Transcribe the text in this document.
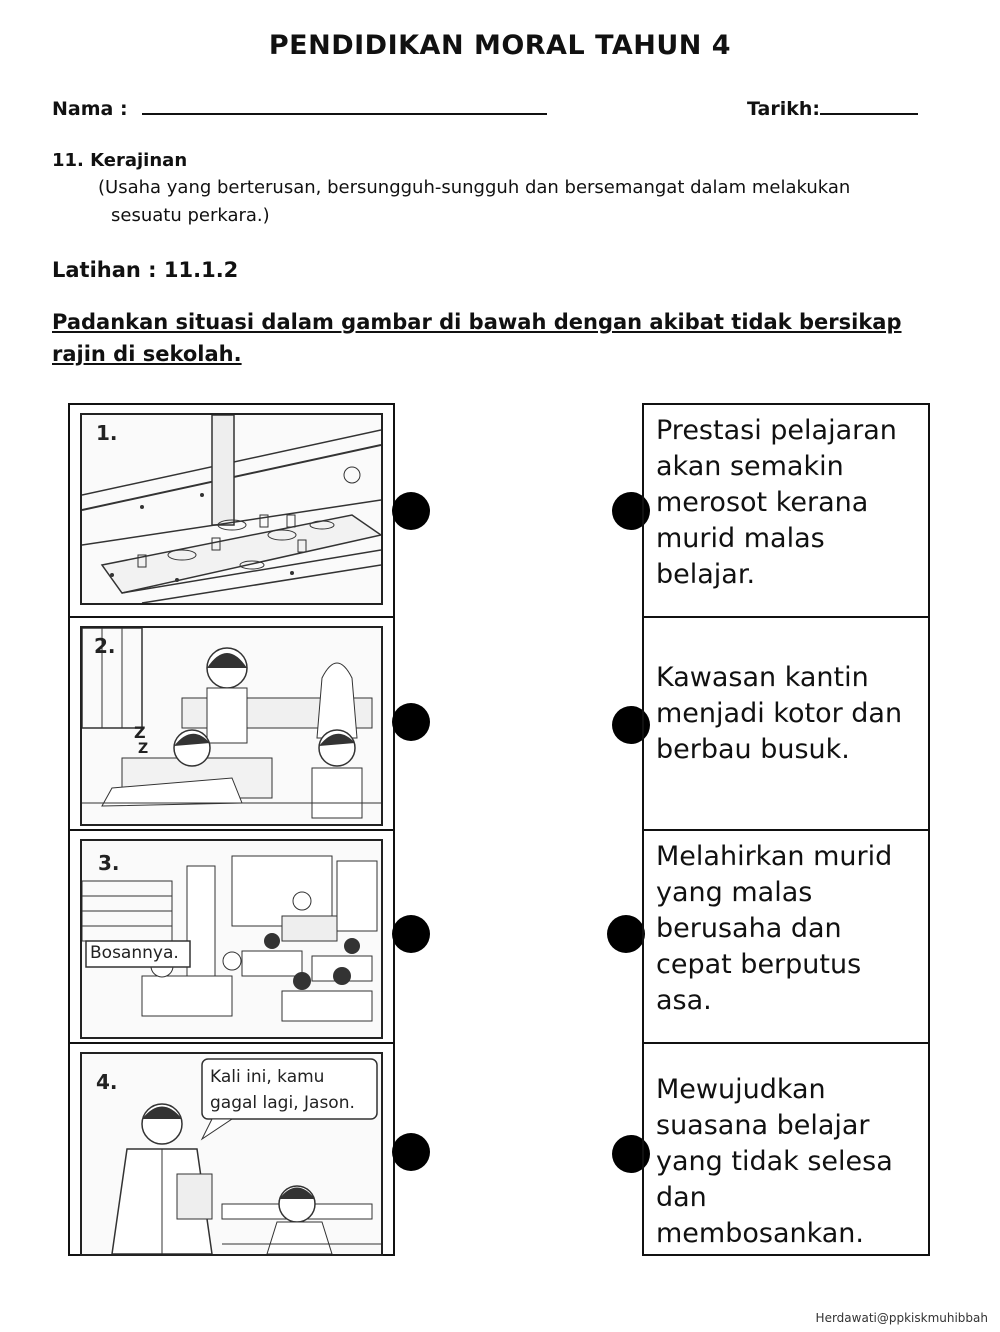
PENDIDIKAN MORAL TAHUN 4
Nama :	Tarikh:
11. Kerajinan
(Usaha yang berterusan, bersungguh-sungguh dan bersemangat dalam melakukan
sesuatu perkara.)
Latihan : 11.1.2
Padankan situasi dalam gambar di bawah dengan akibat tidak bersikap
rajin di sekolah.
1.
Z
Z
2.
3.
Bosannya.
4.	Kali ini, kamu
gagal lagi, Jason.
Prestasi pelajaran
akan semakin
merosot kerana
murid malas
belajar.
Kawasan kantin
menjadi kotor dan
berbau busuk.
Melahirkan murid
yang malas
berusaha dan
cepat berputus
asa.
Mewujudkan
suasana belajar
yang tidak selesa
dan membosankan.
Herdawati@ppkiskmuhibbah
